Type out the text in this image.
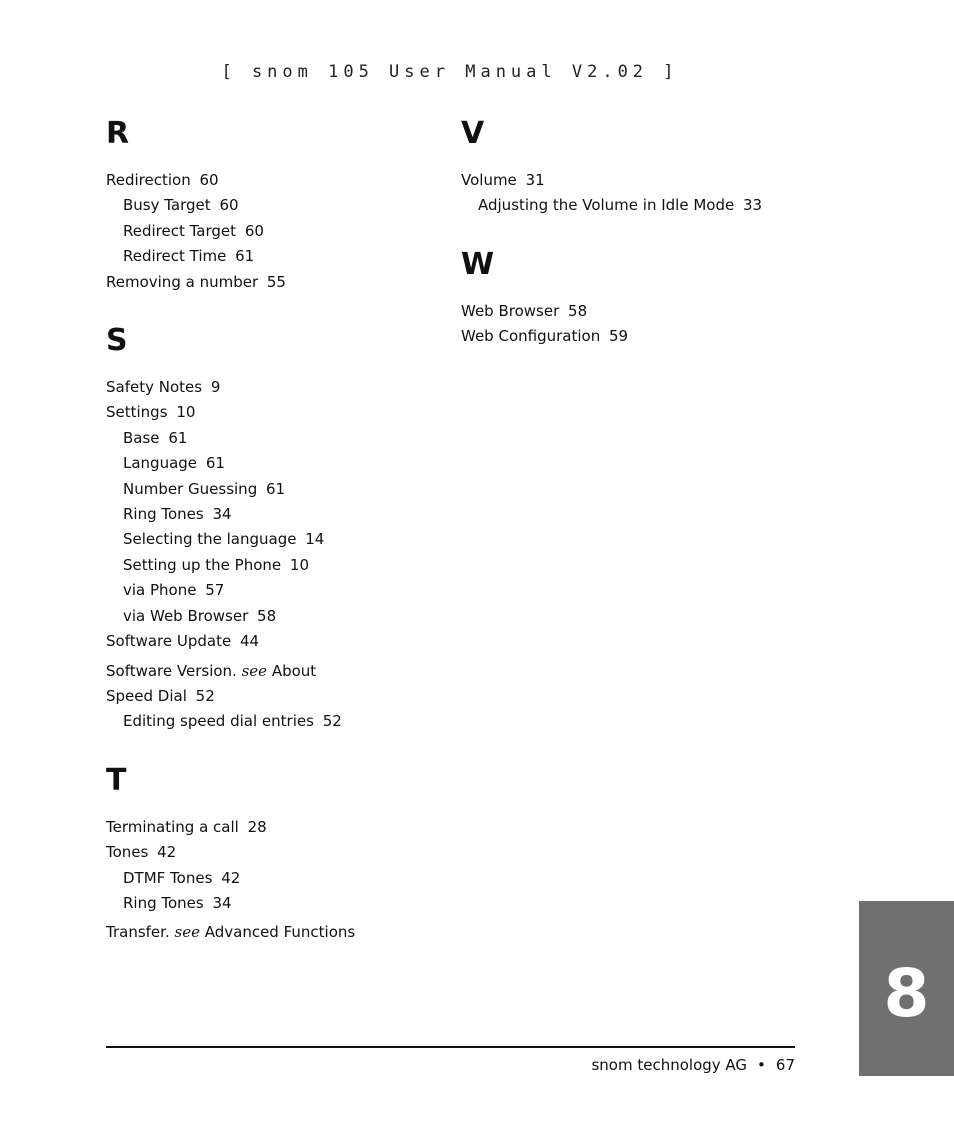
[ snom 105 User Manual V2.02 ]
R
Redirection 60
Busy Target 60
Redirect Target 60
Redirect Time 61
Removing a number 55
S
Safety Notes 9
Settings 10
Base 61
Language 61
Number Guessing 61
Ring Tones 34
Selecting the language 14
Setting up the Phone 10
via Phone 57
via Web Browser 58
Software Update 44
Software Version. see About
Speed Dial 52
Editing speed dial entries 52
T
Terminating a call 28
Tones 42
DTMF Tones 42
Ring Tones 34
Transfer. see Advanced Functions
V
Volume 31
Adjusting the Volume in Idle Mode 33
W
Web Browser 58
Web Configuration 59
snom technology AG • 67
8
